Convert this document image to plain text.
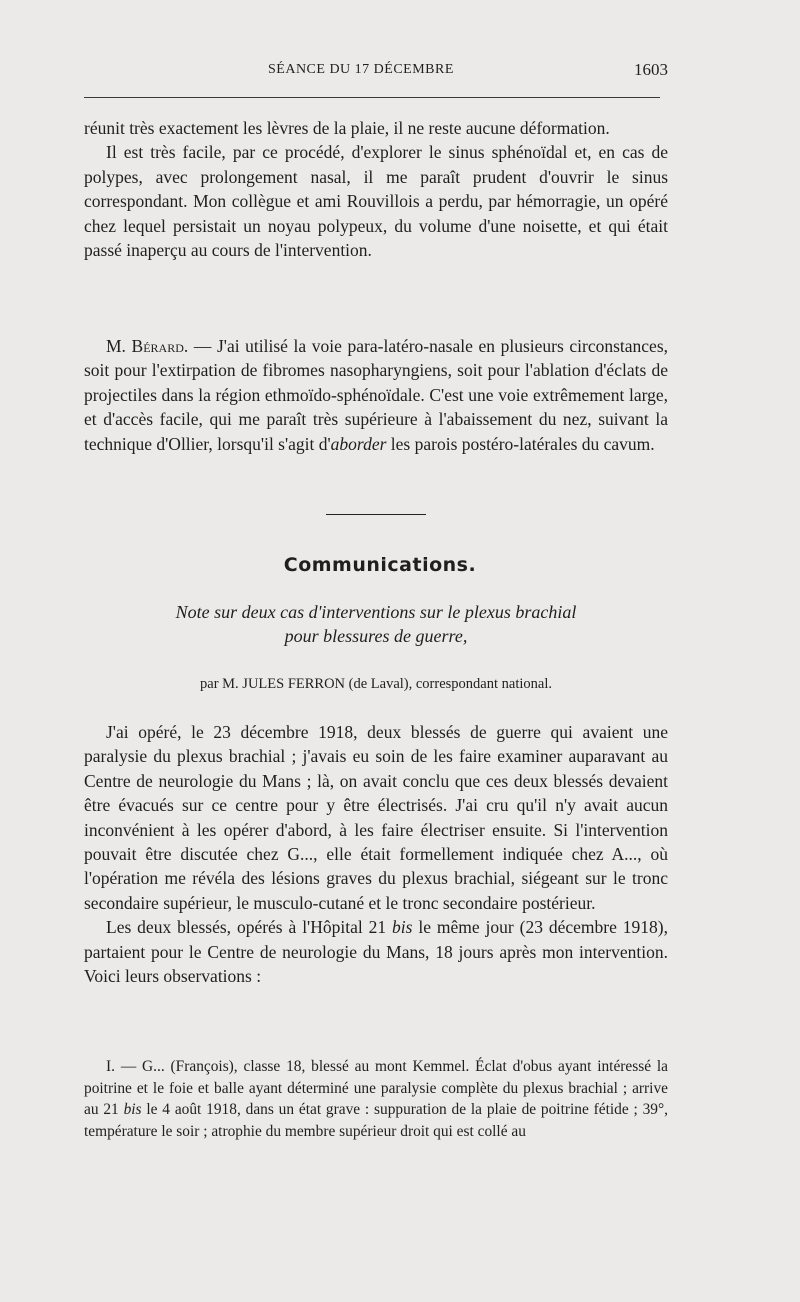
SÉANCE DU 17 DÉCEMBRE	1603

réunit très exactement les lèvres de la plaie, il ne reste aucune déformation.

Il est très facile, par ce procédé, d'explorer le sinus sphénoïdal et, en cas de polypes, avec prolongement nasal, il me paraît prudent d'ouvrir le sinus correspondant. Mon collègue et ami Rouvillois a perdu, par hémorragie, un opéré chez lequel persistait un noyau polypeux, du volume d'une noisette, et qui était passé inaperçu au cours de l'intervention.

M. Bérard. — J'ai utilisé la voie para-latéro-nasale en plusieurs circonstances, soit pour l'extirpation de fibromes nasopharyngiens, soit pour l'ablation d'éclats de projectiles dans la région ethmoïdo-sphénoïdale. C'est une voie extrêmement large, et d'accès facile, qui me paraît très supérieure à l'abaissement du nez, suivant la technique d'Ollier, lorsqu'il s'agit d'aborder les parois postéro-latérales du cavum.

Communications.
Note sur deux cas d'interventions sur le plexus brachial
pour blessures de guerre,
par M. JULES FERRON (de Laval), correspondant national.

J'ai opéré, le 23 décembre 1918, deux blessés de guerre qui avaient une paralysie du plexus brachial ; j'avais eu soin de les faire examiner auparavant au Centre de neurologie du Mans ; là, on avait conclu que ces deux blessés devaient être évacués sur ce centre pour y être électrisés. J'ai cru qu'il n'y avait aucun inconvénient à les opérer d'abord, à les faire électriser ensuite. Si l'intervention pouvait être discutée chez G..., elle était formellement indiquée chez A..., où l'opération me révéla des lésions graves du plexus brachial, siégeant sur le tronc secondaire supérieur, le musculo-cutané et le tronc secondaire postérieur.

Les deux blessés, opérés à l'Hôpital 21 bis le même jour (23 décembre 1918), partaient pour le Centre de neurologie du Mans, 18 jours après mon intervention. Voici leurs observations :

I. — G... (François), classe 18, blessé au mont Kemmel. Éclat d'obus ayant intéressé la poitrine et le foie et balle ayant déterminé une paralysie complète du plexus brachial ; arrive au 21 bis le 4 août 1918, dans un état grave : suppuration de la plaie de poitrine fétide ; 39°, température le soir ; atrophie du membre supérieur droit qui est collé au
